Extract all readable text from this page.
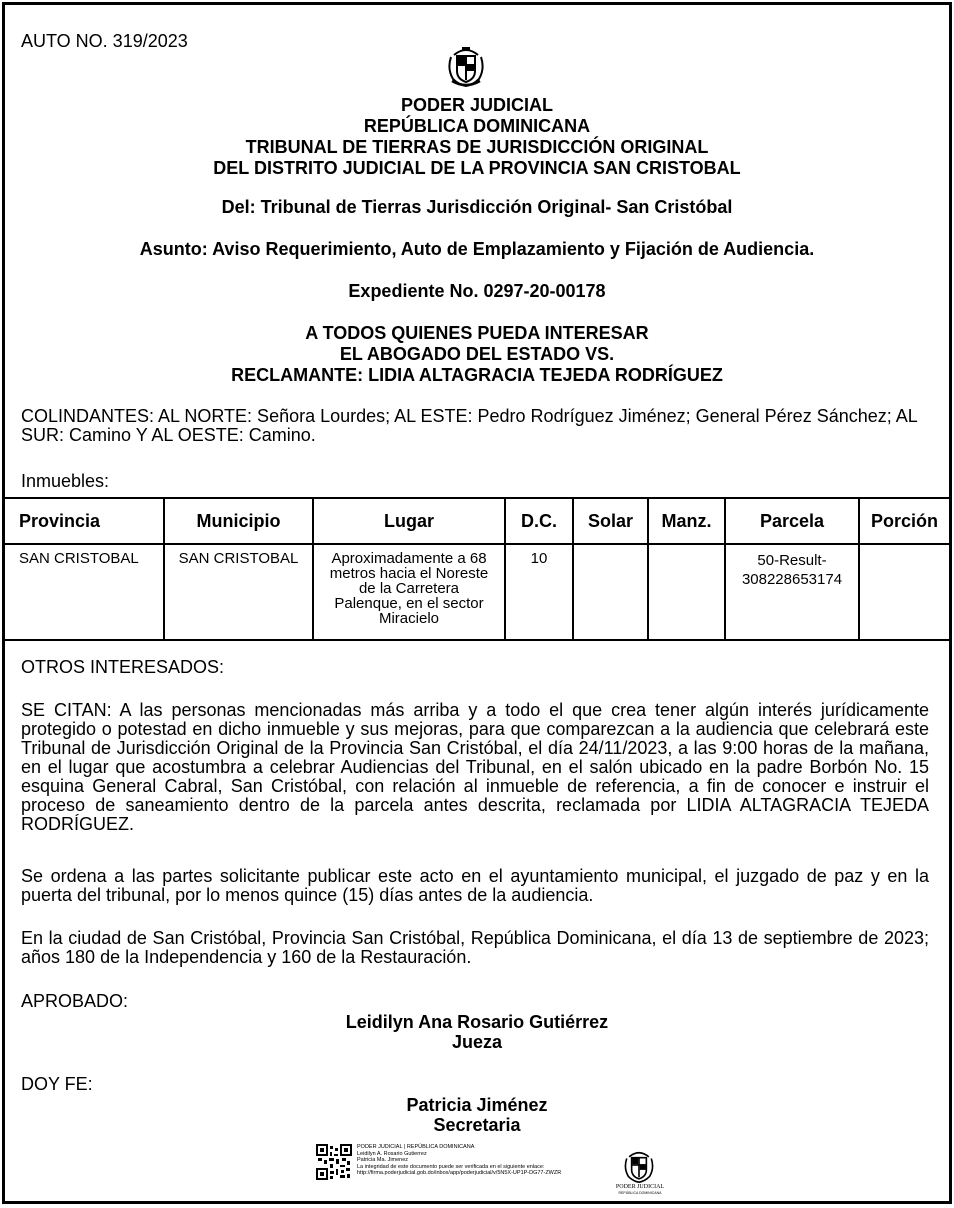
AUTO NO. 319/2023
PODER JUDICIAL
REPÚBLICA DOMINICANA
TRIBUNAL DE TIERRAS DE JURISDICCIÓN ORIGINAL
DEL DISTRITO JUDICIAL DE LA PROVINCIA SAN CRISTOBAL
Del: Tribunal de Tierras Jurisdicción Original- San Cristóbal
Asunto: Aviso Requerimiento, Auto de Emplazamiento y Fijación de Audiencia.
Expediente No. 0297-20-00178
A TODOS QUIENES PUEDA INTERESAR
EL ABOGADO DEL ESTADO VS.
RECLAMANTE: LIDIA ALTAGRACIA TEJEDA RODRÍGUEZ
COLINDANTES: AL NORTE: Señora Lourdes; AL ESTE: Pedro Rodríguez Jiménez; General Pérez Sánchez; AL SUR: Camino Y AL OESTE: Camino.
Inmuebles:
Provincia	Municipio	Lugar	D.C.	Solar	Manz.	Parcela	Porción
SAN CRISTOBAL	SAN CRISTOBAL	Aproximadamente a 68 metros hacia el Noreste de la Carretera Palenque, en el sector Miracielo	10			50-Result-308228653174	
OTROS INTERESADOS:
SE CITAN: A las personas mencionadas más arriba y a todo el que crea tener algún interés jurídicamente protegido o potestad en dicho inmueble y sus mejoras, para que comparezcan a la audiencia que celebrará este Tribunal de Jurisdicción Original de la Provincia San Cristóbal, el día 24/11/2023, a las 9:00 horas de la mañana, en el lugar que acostumbra a celebrar Audiencias del Tribunal, en el salón ubicado en la padre Borbón No. 15 esquina General Cabral, San Cristóbal, con relación al inmueble de referencia, a fin de conocer e instruir el proceso de saneamiento dentro de la parcela antes descrita, reclamada por LIDIA ALTAGRACIA TEJEDA RODRÍGUEZ.
Se ordena a las partes solicitante publicar este acto en el ayuntamiento municipal, el juzgado de paz y en la puerta del tribunal, por lo menos quince (15) días antes de la audiencia.
En la ciudad de San Cristóbal, Provincia San Cristóbal, República Dominicana, el día 13 de septiembre de 2023; años 180 de la Independencia y 160 de la Restauración.
APROBADO:
Leidilyn Ana Rosario Gutiérrez
Jueza
DOY FE:
Patricia Jiménez
Secretaria
PODER JUDICIAL | REPÚBLICA DOMINICANA
Leidilyn A. Rosario Gutierrez
Patricia Ma. Jimenez
La integridad de este documento puede ser verificada en el siguiente enlace:
http://firma.poderjudicial.gob.do/inbox/app/poderjudicial/v/5N5X-UP1P-DG77-ZWZR
PODER JUDICIAL
REPÚBLICA DOMINICANA
